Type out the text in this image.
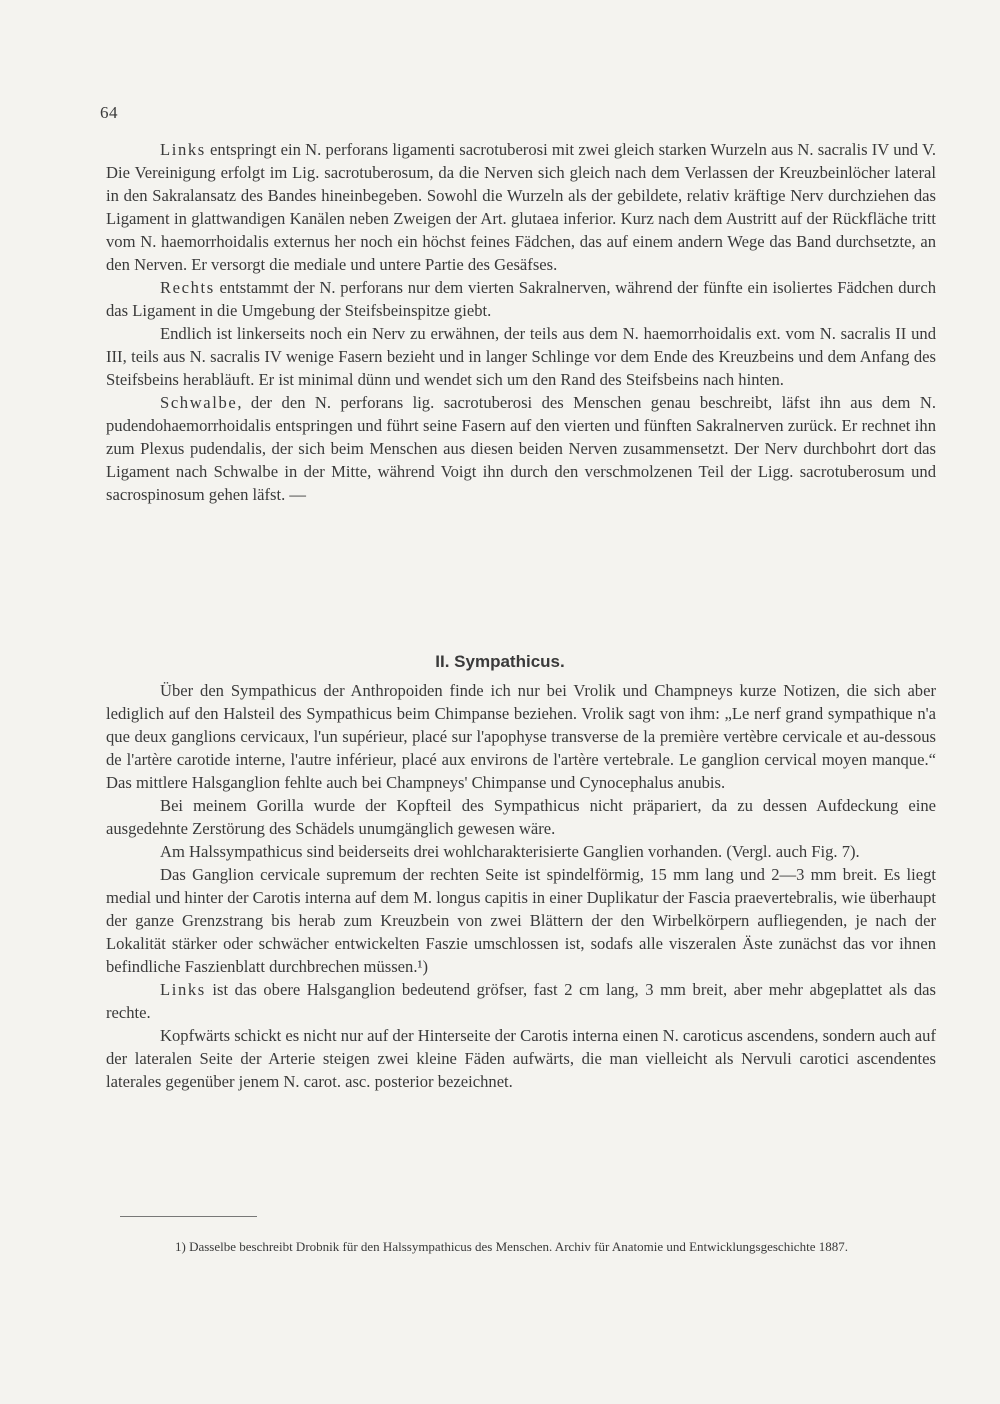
64

Links entspringt ein N. perforans ligamenti sacrotuberosi mit zwei gleich starken Wurzeln aus N. sacralis IV und V. Die Vereinigung erfolgt im Lig. sacrotuberosum, da die Nerven sich gleich nach dem Verlassen der Kreuzbeinlöcher lateral in den Sakralansatz des Bandes hineinbegeben. Sowohl die Wurzeln als der gebildete, relativ kräftige Nerv durchziehen das Ligament in glattwandigen Kanälen neben Zweigen der Art. glutaea inferior. Kurz nach dem Austritt auf der Rückfläche tritt vom N. haemorrhoidalis externus her noch ein höchst feines Fädchen, das auf einem andern Wege das Band durchsetzte, an den Nerven. Er versorgt die mediale und untere Partie des Gesäfses.

Rechts entstammt der N. perforans nur dem vierten Sakralnerven, während der fünfte ein isoliertes Fädchen durch das Ligament in die Umgebung der Steifsbeinspitze giebt.

Endlich ist linkerseits noch ein Nerv zu erwähnen, der teils aus dem N. haemorrhoidalis ext. vom N. sacralis II und III, teils aus N. sacralis IV wenige Fasern bezieht und in langer Schlinge vor dem Ende des Kreuzbeins und dem Anfang des Steifsbeins herabläuft. Er ist minimal dünn und wendet sich um den Rand des Steifsbeins nach hinten.

Schwalbe, der den N. perforans lig. sacrotuberosi des Menschen genau beschreibt, läfst ihn aus dem N. pudendohaemorrhoidalis entspringen und führt seine Fasern auf den vierten und fünften Sakralnerven zurück. Er rechnet ihn zum Plexus pudendalis, der sich beim Menschen aus diesen beiden Nerven zusammensetzt. Der Nerv durchbohrt dort das Ligament nach Schwalbe in der Mitte, während Voigt ihn durch den verschmolzenen Teil der Ligg. sacrotuberosum und sacrospinosum gehen läfst. —

II. Sympathicus.

Über den Sympathicus der Anthropoiden finde ich nur bei Vrolik und Champneys kurze Notizen, die sich aber lediglich auf den Halsteil des Sympathicus beim Chimpanse beziehen. Vrolik sagt von ihm: „Le nerf grand sympathique n'a que deux ganglions cervicaux, l'un supérieur, placé sur l'apophyse transverse de la première vertèbre cervicale et au-dessous de l'artère carotide interne, l'autre inférieur, placé aux environs de l'artère vertebrale. Le ganglion cervical moyen manque.“ Das mittlere Halsganglion fehlte auch bei Champneys' Chimpanse und Cynocephalus anubis.

Bei meinem Gorilla wurde der Kopfteil des Sympathicus nicht präpariert, da zu dessen Aufdeckung eine ausgedehnte Zerstörung des Schädels unumgänglich gewesen wäre.

Am Halssympathicus sind beiderseits drei wohlcharakterisierte Ganglien vorhanden. (Vergl. auch Fig. 7).

Das Ganglion cervicale supremum der rechten Seite ist spindelförmig, 15 mm lang und 2—3 mm breit. Es liegt medial und hinter der Carotis interna auf dem M. longus capitis in einer Duplikatur der Fascia praevertebralis, wie überhaupt der ganze Grenzstrang bis herab zum Kreuzbein von zwei Blättern der den Wirbelkörpern aufliegenden, je nach der Lokalität stärker oder schwächer entwickelten Faszie umschlossen ist, sodafs alle viszeralen Äste zunächst das vor ihnen befindliche Faszienblatt durchbrechen müssen.¹)

Links ist das obere Halsganglion bedeutend gröfser, fast 2 cm lang, 3 mm breit, aber mehr abgeplattet als das rechte.

Kopfwärts schickt es nicht nur auf der Hinterseite der Carotis interna einen N. caroticus ascendens, sondern auch auf der lateralen Seite der Arterie steigen zwei kleine Fäden aufwärts, die man vielleicht als Nervuli carotici ascendentes laterales gegenüber jenem N. carot. asc. posterior bezeichnet.

1) Dasselbe beschreibt Drobnik für den Halssympathicus des Menschen. Archiv für Anatomie und Entwicklungsgeschichte 1887.
